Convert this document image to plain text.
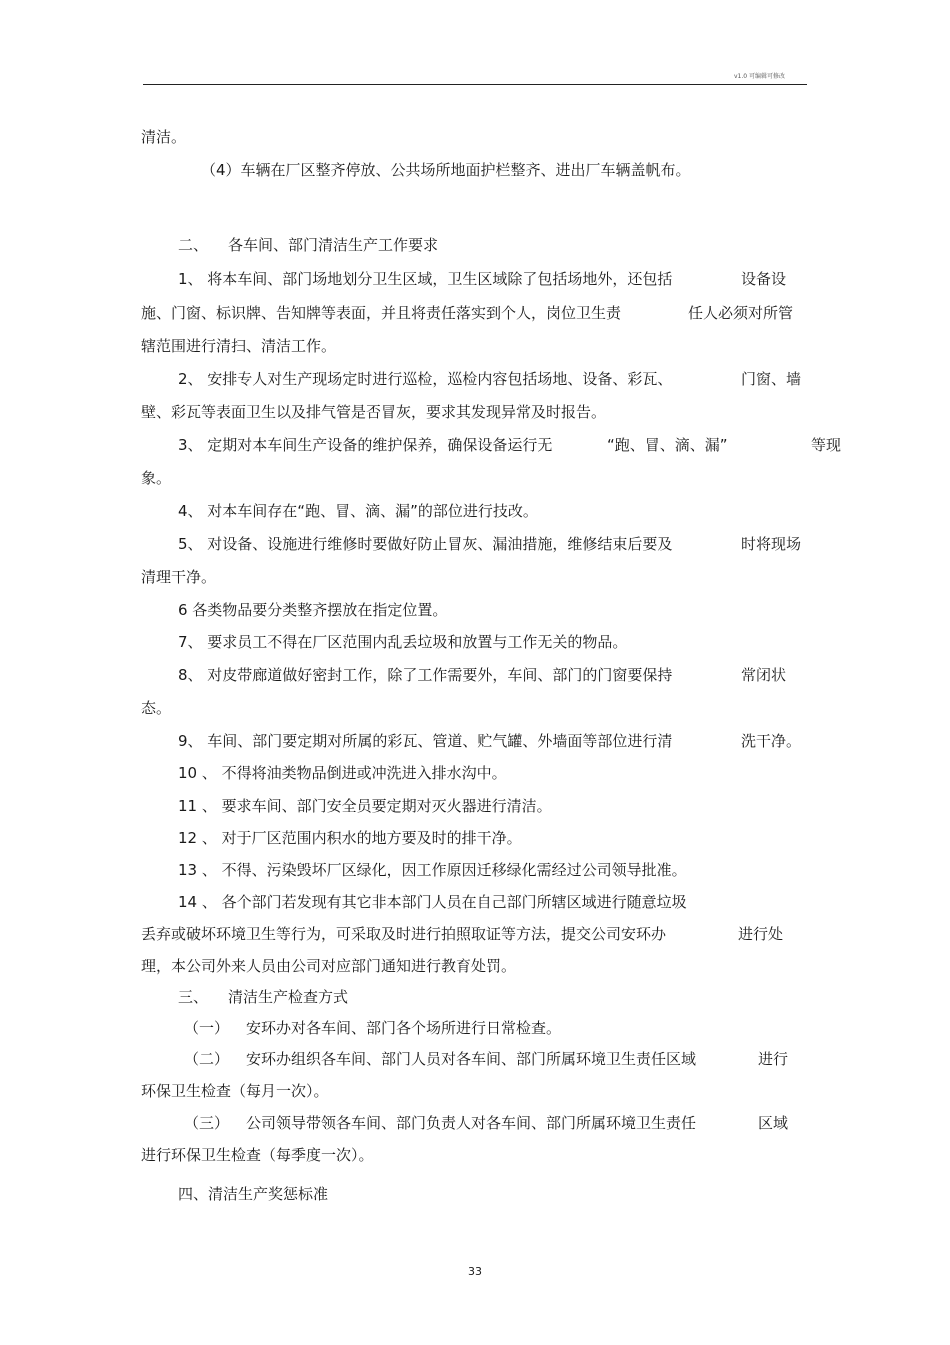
v1.0 可编辑可修改
清洁。
（4）车辆在厂区整齐停放、公共场所地面护栏整齐、进出厂车辆盖帆布。
二、 各车间、部门清洁生产工作要求
1、 将本车间、部门场地划分卫生区域，卫生区域除了包括场地外，还包括	设备设
施、门窗、标识牌、告知牌等表面，并且将责任落实到个人，岗位卫生责	任人必须对所管
辖范围进行清扫、清洁工作。
2、 安排专人对生产现场定时进行巡检，巡检内容包括场地、设备、彩瓦、	门窗、墙
壁、彩瓦等表面卫生以及排气管是否冒灰，要求其发现异常及时报告。
3、 定期对本车间生产设备的维护保养，确保设备运行无	“跑、冒、滴、漏”	等现
象。
4、 对本车间存在“跑、冒、滴、漏”的部位进行技改。
5、 对设备、设施进行维修时要做好防止冒灰、漏油措施，维修结束后要及	时将现场
清理干净。
6 各类物品要分类整齐摆放在指定位置。
7、 要求员工不得在厂区范围内乱丢垃圾和放置与工作无关的物品。
8、 对皮带廊道做好密封工作，除了工作需要外，车间、部门的门窗要保持	常闭状
态。
9、 车间、部门要定期对所属的彩瓦、管道、贮气罐、外墙面等部位进行清	洗干净。
10 、 不得将油类物品倒进或冲洗进入排水沟中。
11 、 要求车间、部门安全员要定期对灭火器进行清洁。
12 、 对于厂区范围内积水的地方要及时的排干净。
13 、 不得、污染毁坏厂区绿化，因工作原因迁移绿化需经过公司领导批准。
14 、 各个部门若发现有其它非本部门人员在自己部门所辖区域进行随意垃圾
丢弃或破坏环境卫生等行为，可采取及时进行拍照取证等方法，提交公司安环办	进行处
理，本公司外来人员由公司对应部门通知进行教育处罚。
三、 清洁生产检查方式
（一） 安环办对各车间、部门各个场所进行日常检查。
（二） 安环办组织各车间、部门人员对各车间、部门所属环境卫生责任区域	进行
环保卫生检查（每月一次）。
（三） 公司领导带领各车间、部门负责人对各车间、部门所属环境卫生责任	区域
进行环保卫生检查（每季度一次）。
四、清洁生产奖惩标准
33
